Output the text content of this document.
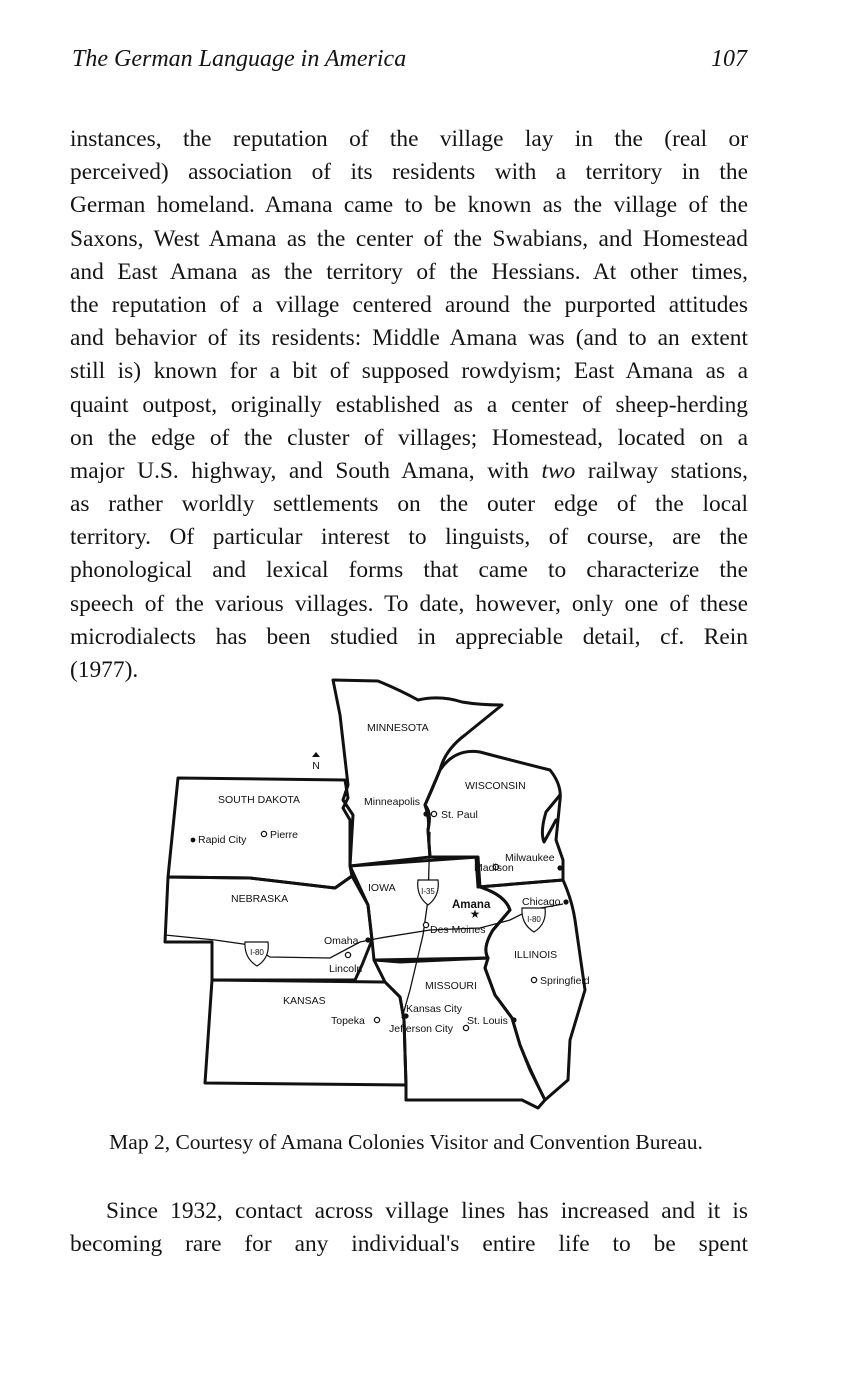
The German Language in America	107
instances, the reputation of the village lay in the (real or
perceived) association of its residents with a territory in the
German homeland. Amana came to be known as the village of the
Saxons, West Amana as the center of the Swabians, and Homestead
and East Amana as the territory of the Hessians. At other times,
the reputation of a village centered around the purported attitudes
and behavior of its residents: Middle Amana was (and to an extent
still is) known for a bit of supposed rowdyism; East Amana as a
quaint outpost, originally established as a center of sheep-herding
on the edge of the cluster of villages; Homestead, located on a
major U.S. highway, and South Amana, with two railway stations,
as rather worldly settlements on the outer edge of the local
territory. Of particular interest to linguists, of course, are the
phonological and lexical forms that came to characterize the
speech of the various villages. To date, however, only one of these
microdialects has been studied in appreciable detail, cf. Rein
(1977).
I-35
I-80
I-80
N
MINNESOTA
SOUTH DAKOTA
WISCONSIN
NEBRASKA
IOWA
ILLINOIS
KANSAS
MISSOURI
★
Minneapolis
St. Paul
Rapid City Pierre
Milwaukee
Madison
Amana	Chicago
Des Moines
Omaha
Lincoln
Springfield
Kansas City
Topeka	St. Louis
Jefferson City
Map 2, Courtesy of Amana Colonies Visitor and Convention Bureau.
Since 1932, contact across village lines has increased and it is
becoming rare for any individual's entire life to be spent
